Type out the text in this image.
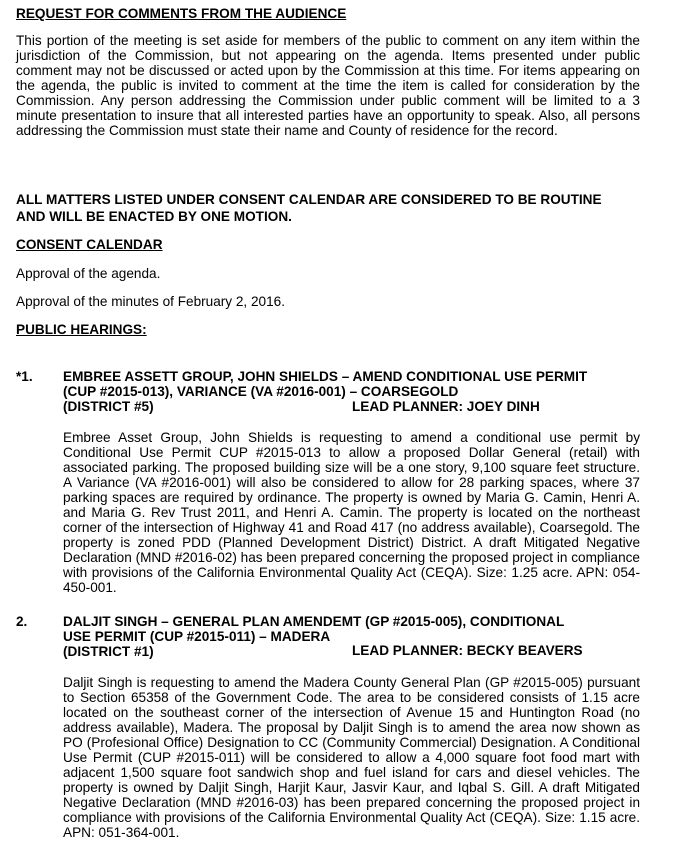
REQUEST FOR COMMENTS FROM THE AUDIENCE

This portion of the meeting is set aside for members of the public to comment on any item within the jurisdiction of the Commission, but not appearing on the agenda. Items presented under public comment may not be discussed or acted upon by the Commission at this time. For items appearing on the agenda, the public is invited to comment at the time the item is called for consideration by the Commission. Any person addressing the Commission under public comment will be limited to a 3 minute presentation to insure that all interested parties have an opportunity to speak. Also, all persons addressing the Commission must state their name and County of residence for the record.

ALL MATTERS LISTED UNDER CONSENT CALENDAR ARE CONSIDERED TO BE ROUTINE AND WILL BE ENACTED BY ONE MOTION.

CONSENT CALENDAR

Approval of the agenda.

Approval of the minutes of February 2, 2016.

PUBLIC HEARINGS:
*1. EMBREE ASSETT GROUP, JOHN SHIELDS – AMEND CONDITIONAL USE PERMIT
(CUP #2015-013), VARIANCE (VA #2016-001) – COARSEGOLD
(DISTRICT #5)	LEAD PLANNER: JOEY DINH

Embree Asset Group, John Shields is requesting to amend a conditional use permit by Conditional Use Permit CUP #2015-013 to allow a proposed Dollar General (retail) with associated parking. The proposed building size will be a one story, 9,100 square feet structure. A Variance (VA #2016-001) will also be considered to allow for 28 parking spaces, where 37 parking spaces are required by ordinance. The property is owned by Maria G. Camin, Henri A. and Maria G. Rev Trust 2011, and Henri A. Camin. The property is located on the northeast corner of the intersection of Highway 41 and Road 417 (no address available), Coarsegold. The property is zoned PDD (Planned Development District) District. A draft Mitigated Negative Declaration (MND #2016-02) has been prepared concerning the proposed project in compliance with provisions of the California Environmental Quality Act (CEQA). Size: 1.25 acre. APN: 054-450-001.

2.	DALJIT SINGH – GENERAL PLAN AMENDEMT (GP #2015-005), CONDITIONAL
USE PERMIT (CUP #2015-011) – MADERA
(DISTRICT #1)	LEAD PLANNER: BECKY BEAVERS

Daljit Singh is requesting to amend the Madera County General Plan (GP #2015-005) pursuant to Section 65358 of the Government Code. The area to be considered consists of 1.15 acre located on the southeast corner of the intersection of Avenue 15 and Huntington Road (no address available), Madera. The proposal by Daljit Singh is to amend the area now shown as PO (Profesional Office) Designation to CC (Community Commercial) Designation. A Conditional Use Permit (CUP #2015-011) will be considered to allow a 4,000 square foot food mart with adjacent 1,500 square foot sandwich shop and fuel island for cars and diesel vehicles. The property is owned by Daljit Singh, Harjit Kaur, Jasvir Kaur, and Iqbal S. Gill. A draft Mitigated Negative Declaration (MND #2016-03) has been prepared concerning the proposed project in compliance with provisions of the California Environmental Quality Act (CEQA). Size: 1.15 acre. APN: 051-364-001.
